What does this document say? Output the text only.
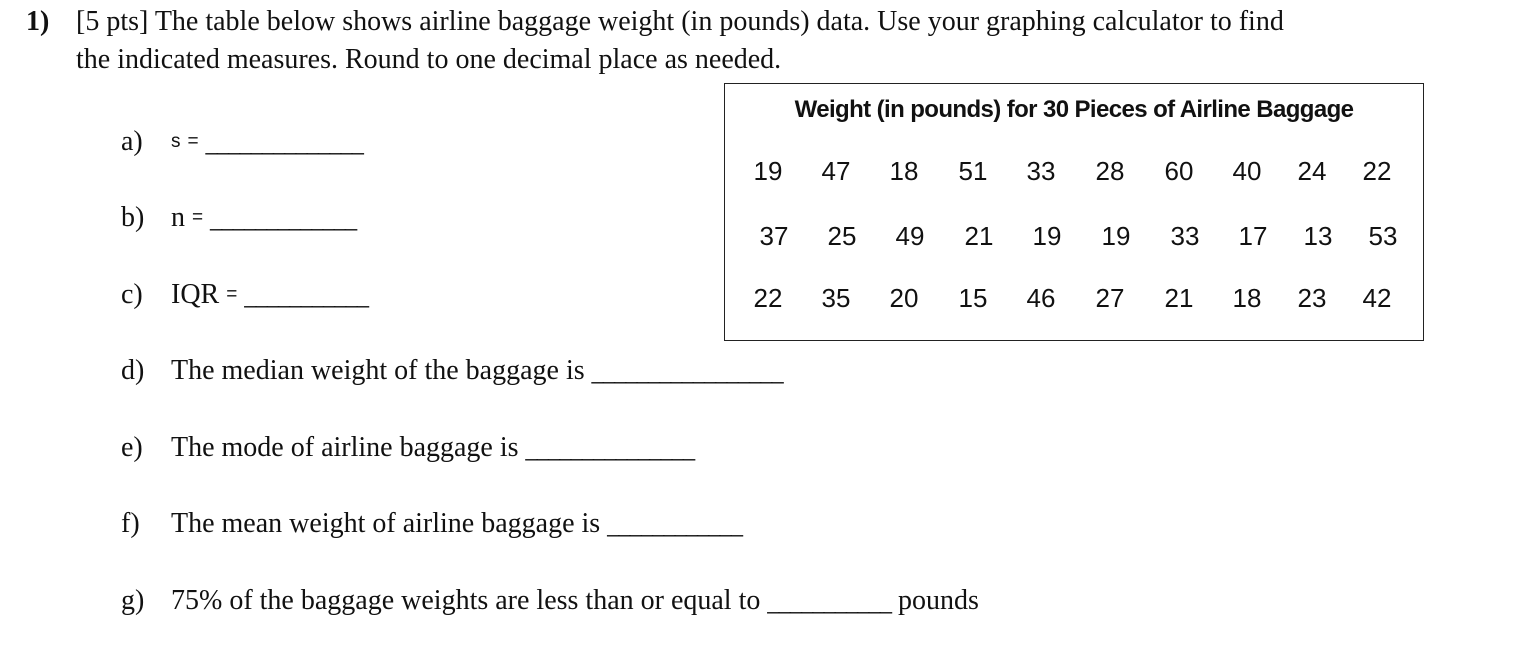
1) [5 pts] The table below shows airline baggage weight (in pounds) data. Use your graphing calculator to find
the indicated measures. Round to one decimal place as needed.
a) s = ______________
b) n = _____________
c) IQR = ___________
d) The median weight of the baggage is _________________
e) The mode of airline baggage is _______________
f) The mean weight of airline baggage is ____________
g) 75% of the baggage weights are less than or equal to ___________ pounds
Weight (in pounds) for 30 Pieces of Airline Baggage
19 47 18 51 33 28 60 40 24 22
37 25 49 21 19 19 33 17 13 53
22 35 20 15 46 27 21 18 23 42
